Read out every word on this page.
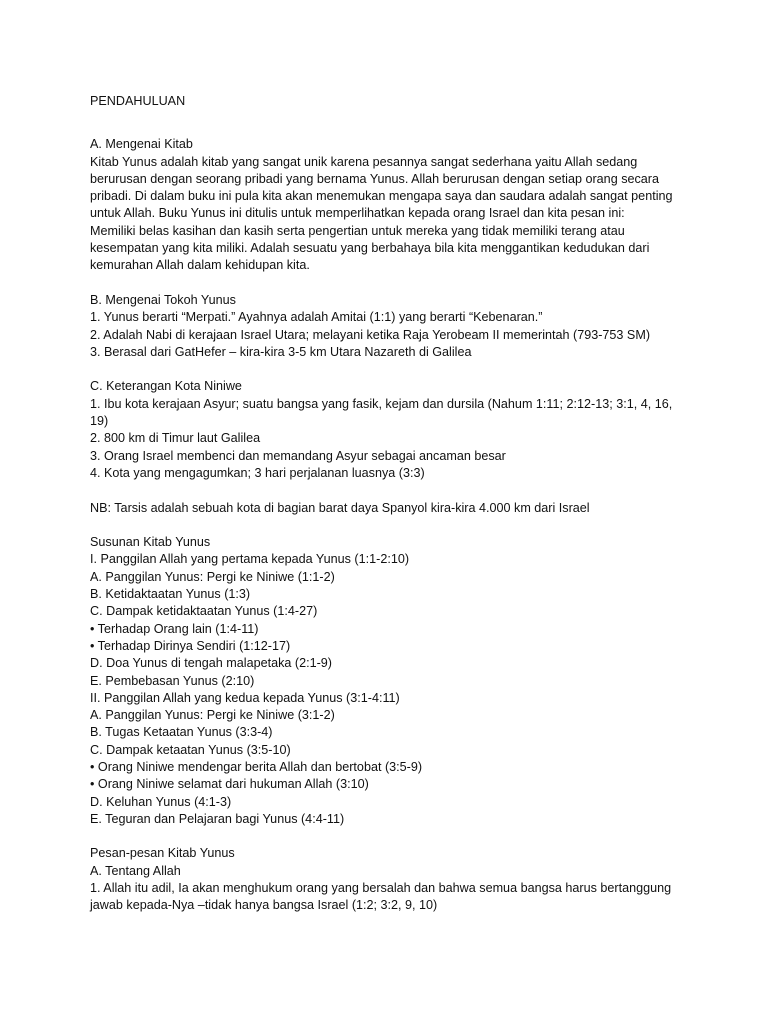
PENDAHULUAN
A. Mengenai Kitab
Kitab Yunus adalah kitab yang sangat unik karena pesannya sangat sederhana yaitu Allah sedang
berurusan dengan seorang pribadi yang bernama Yunus. Allah berurusan dengan setiap orang secara
pribadi. Di dalam buku ini pula kita akan menemukan mengapa saya dan saudara adalah sangat penting
untuk Allah. Buku Yunus ini ditulis untuk memperlihatkan kepada orang Israel dan kita pesan ini:
Memiliki belas kasihan dan kasih serta pengertian untuk mereka yang tidak memiliki terang atau
kesempatan yang kita miliki. Adalah sesuatu yang berbahaya bila kita menggantikan kedudukan dari
kemurahan Allah dalam kehidupan kita.
B. Mengenai Tokoh Yunus
1. Yunus berarti “Merpati.” Ayahnya adalah Amitai (1:1) yang berarti “Kebenaran.”
2. Adalah Nabi di kerajaan Israel Utara; melayani ketika Raja Yerobeam II memerintah (793-753 SM)
3. Berasal dari GatHefer – kira-kira 3-5 km Utara Nazareth di Galilea
C. Keterangan Kota Niniwe
1. Ibu kota kerajaan Asyur; suatu bangsa yang fasik, kejam dan dursila (Nahum 1:11; 2:12-13; 3:1, 4, 16,
19)
2. 800 km di Timur laut Galilea
3. Orang Israel membenci dan memandang Asyur sebagai ancaman besar
4. Kota yang mengagumkan; 3 hari perjalanan luasnya (3:3)
NB: Tarsis adalah sebuah kota di bagian barat daya Spanyol kira-kira 4.000 km dari Israel
Susunan Kitab Yunus
I. Panggilan Allah yang pertama kepada Yunus (1:1-2:10)
A. Panggilan Yunus: Pergi ke Niniwe (1:1-2)
B. Ketidaktaatan Yunus (1:3)
C. Dampak ketidaktaatan Yunus (1:4-27)
• Terhadap Orang lain (1:4-11)
• Terhadap Dirinya Sendiri (1:12-17)
D. Doa Yunus di tengah malapetaka (2:1-9)
E. Pembebasan Yunus (2:10)
II. Panggilan Allah yang kedua kepada Yunus (3:1-4:11)
A. Panggilan Yunus: Pergi ke Niniwe (3:1-2)
B. Tugas Ketaatan Yunus (3:3-4)
C. Dampak ketaatan Yunus (3:5-10)
• Orang Niniwe mendengar berita Allah dan bertobat (3:5-9)
• Orang Niniwe selamat dari hukuman Allah (3:10)
D. Keluhan Yunus (4:1-3)
E. Teguran dan Pelajaran bagi Yunus (4:4-11)
Pesan-pesan Kitab Yunus
A. Tentang Allah
1. Allah itu adil, Ia akan menghukum orang yang bersalah dan bahwa semua bangsa harus bertanggung
jawab kepada-Nya –tidak hanya bangsa Israel (1:2; 3:2, 9, 10)
